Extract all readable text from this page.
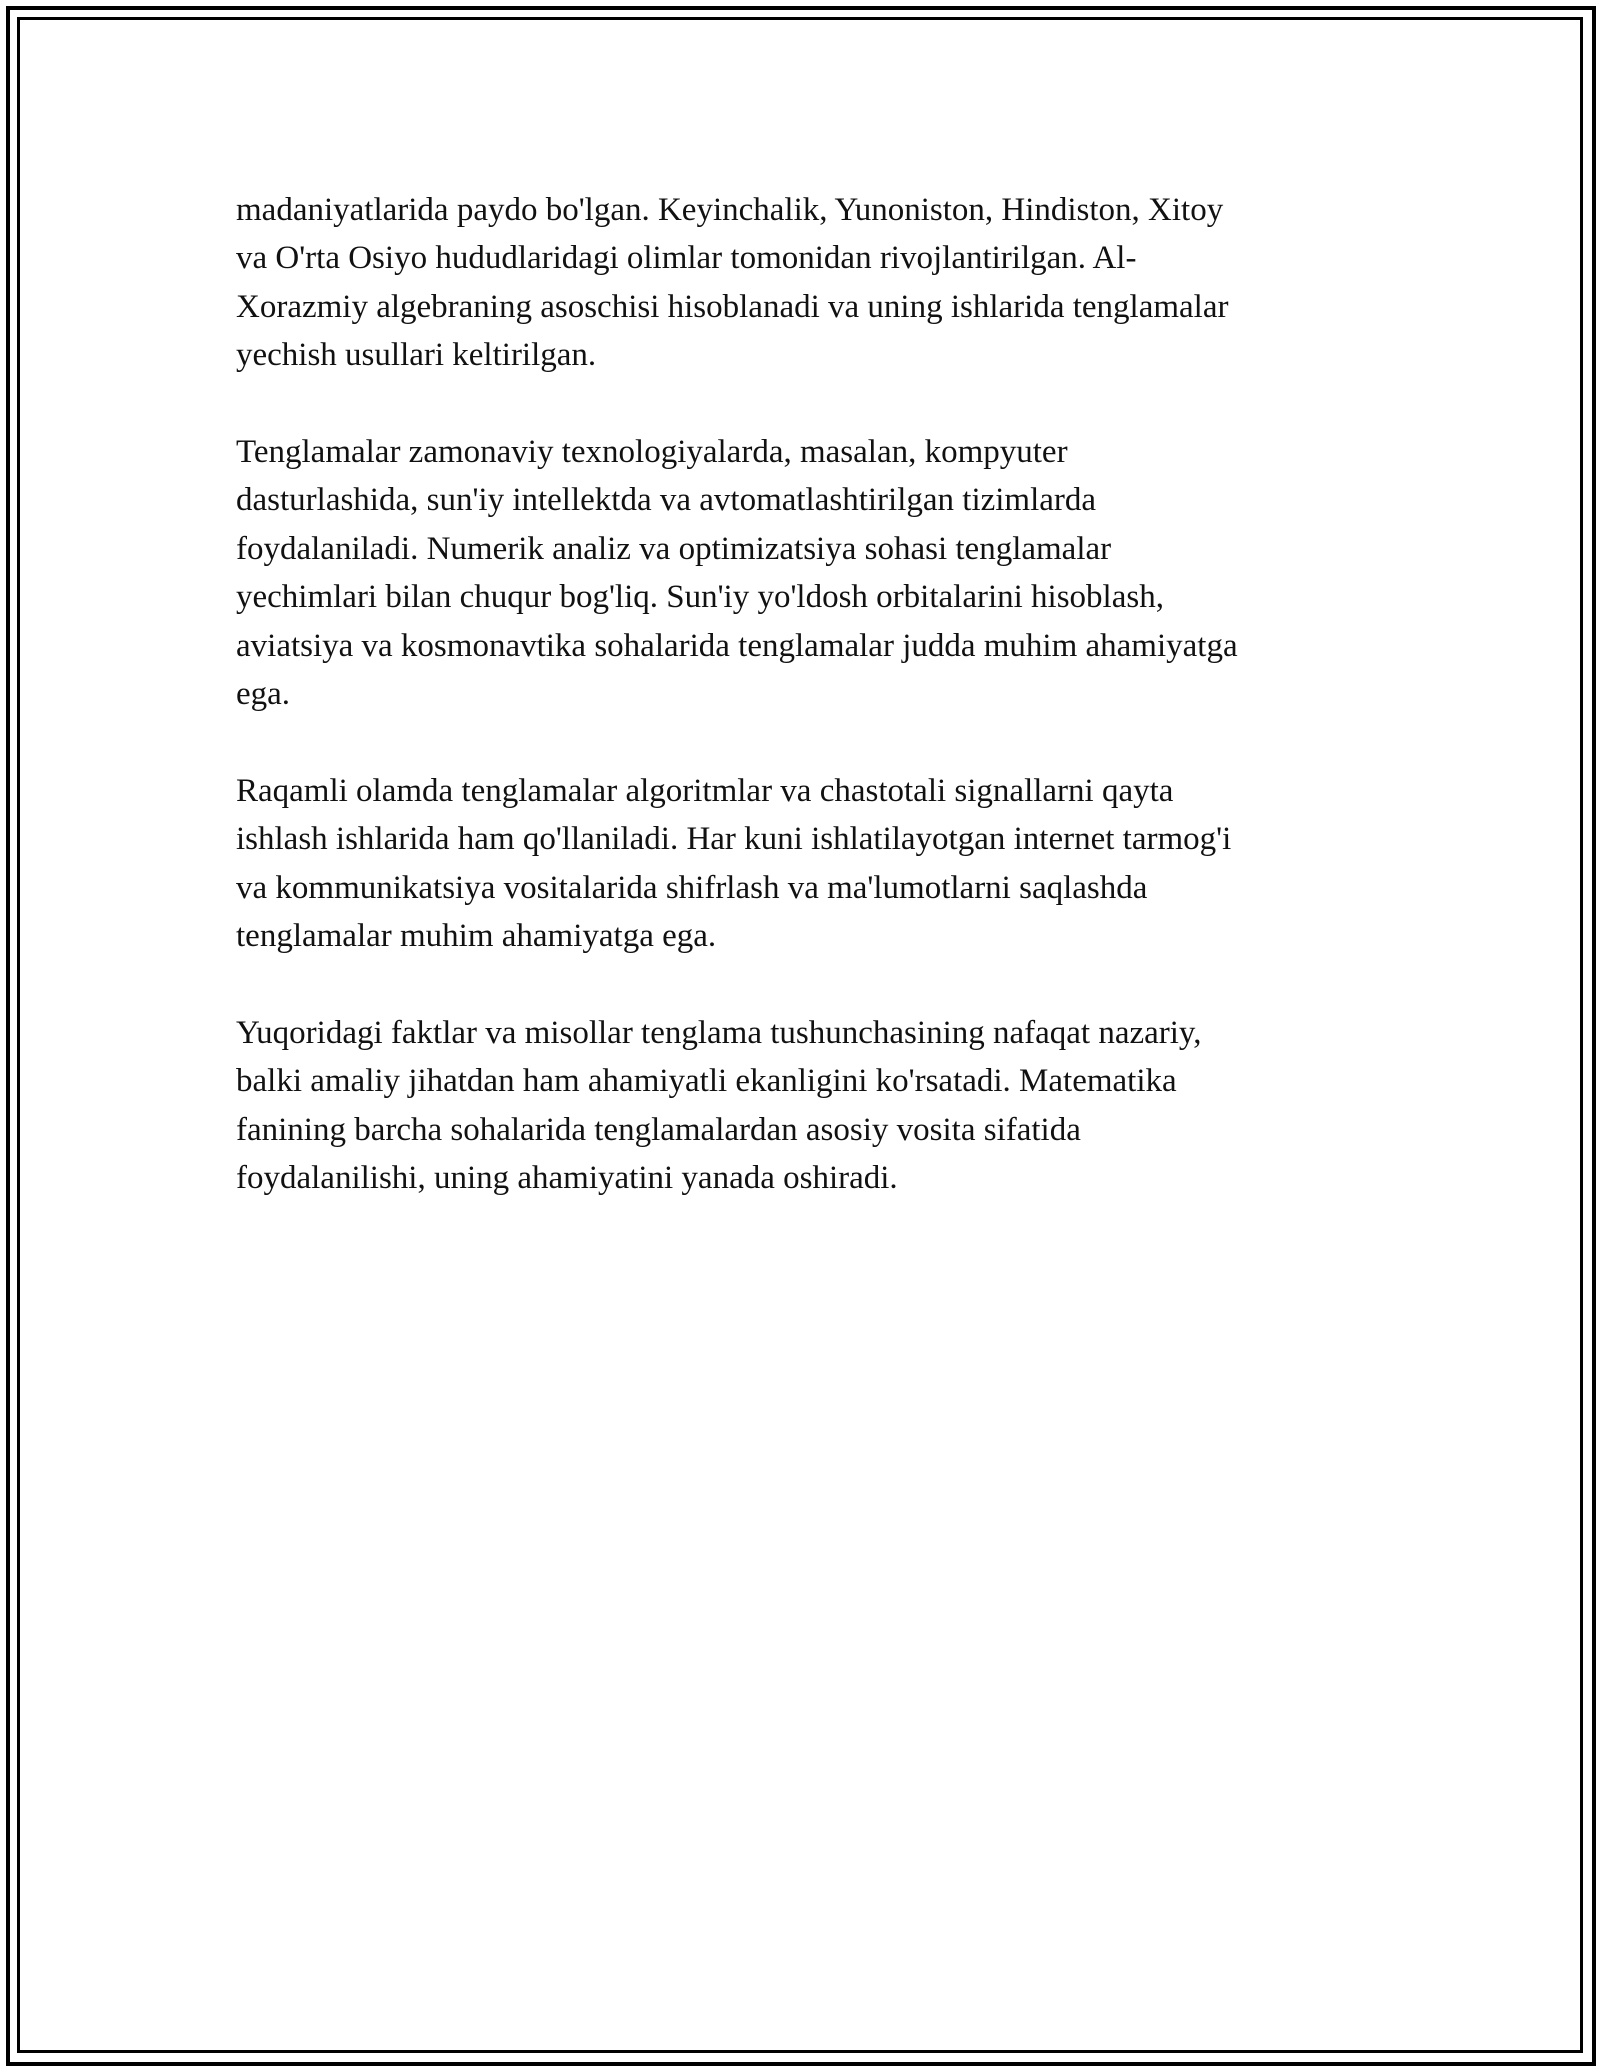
madaniyatlarida paydo bo'lgan. Keyinchalik, Yunoniston, Hindiston, Xitoy
va O'rta Osiyo hududlaridagi olimlar tomonidan rivojlantirilgan. Al-
Xorazmiy algebraning asoschisi hisoblanadi va uning ishlarida tenglamalar
yechish usullari keltirilgan.

Tenglamalar zamonaviy texnologiyalarda, masalan, kompyuter
dasturlashida, sun'iy intellektda va avtomatlashtirilgan tizimlarda
foydalaniladi. Numerik analiz va optimizatsiya sohasi tenglamalar
yechimlari bilan chuqur bog'liq. Sun'iy yo'ldosh orbitalarini hisoblash,
aviatsiya va kosmonavtika sohalarida tenglamalar judda muhim ahamiyatga
ega.

Raqamli olamda tenglamalar algoritmlar va chastotali signallarni qayta
ishlash ishlarida ham qo'llaniladi. Har kuni ishlatilayotgan internet tarmog'i
va kommunikatsiya vositalarida shifrlash va ma'lumotlarni saqlashda
tenglamalar muhim ahamiyatga ega.

Yuqoridagi faktlar va misollar tenglama tushunchasining nafaqat nazariy,
balki amaliy jihatdan ham ahamiyatli ekanligini ko'rsatadi. Matematika
fanining barcha sohalarida tenglamalardan asosiy vosita sifatida
foydalanilishi, uning ahamiyatini yanada oshiradi.
